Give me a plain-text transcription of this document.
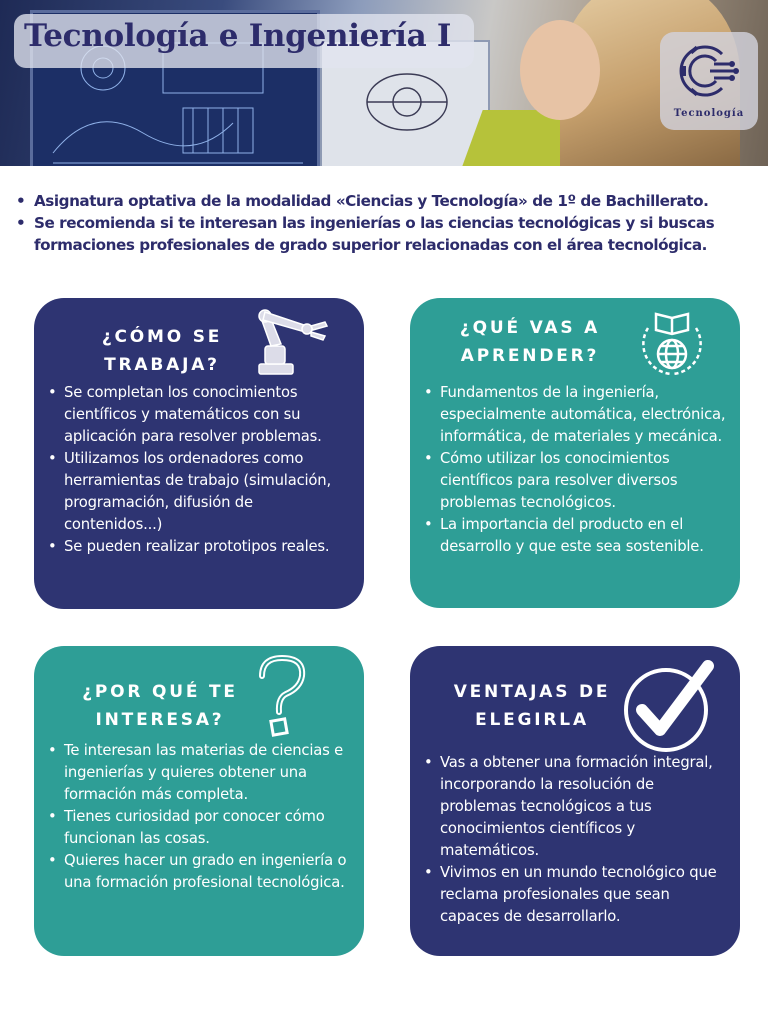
Tecnología e Ingeniería I
Tecnología
• Asignatura optativa de la modalidad «Ciencias y Tecnología» de 1º de Bachillerato.
• Se recomienda si te interesan las ingenierías o las ciencias tecnológicas y si buscas formaciones profesionales de grado superior relacionadas con el área tecnológica.
¿CÓMO SE
TRABAJA?
• Se completan los conocimientos científicos y matemáticos con su aplicación para resolver problemas.
• Utilizamos los ordenadores como herramientas de trabajo (simulación, programación, difusión de contenidos...)
• Se pueden realizar prototipos reales.
¿QUÉ VAS A
APRENDER?
• Fundamentos de la ingeniería, especialmente automática, electrónica, informática, de materiales y mecánica.
• Cómo utilizar los conocimientos científicos para resolver diversos problemas tecnológicos.
• La importancia del producto en el desarrollo y que este sea sostenible.
¿POR QUÉ TE
INTERESA?
• Te interesan las materias de ciencias e ingenierías y quieres obtener una formación más completa.
• Tienes curiosidad por conocer cómo funcionan las cosas.
• Quieres hacer un grado en ingeniería o una formación profesional tecnológica.
VENTAJAS DE
ELEGIRLA
• Vas a obtener una formación integral, incorporando la resolución de problemas tecnológicos a tus conocimientos científicos y matemáticos.
• Vivimos en un mundo tecnológico que reclama profesionales que sean capaces de desarrollarlo.
